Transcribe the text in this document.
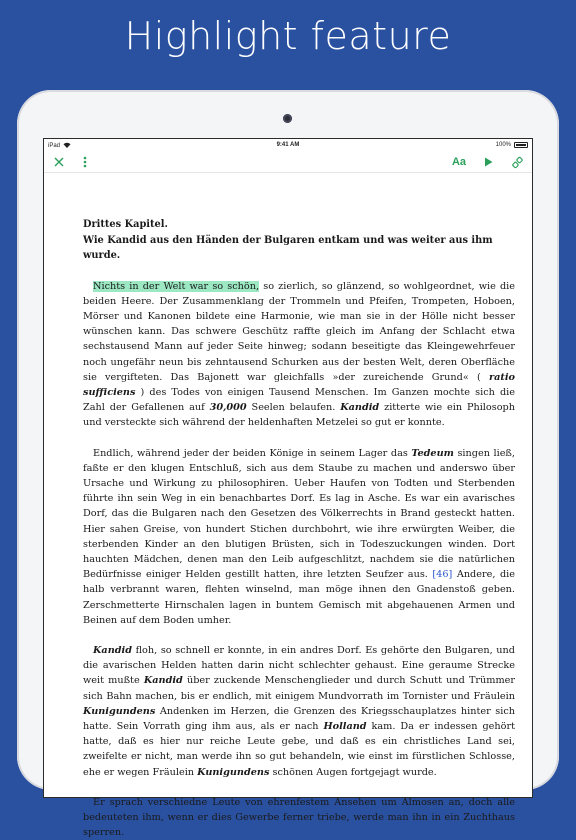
Highlight feature
iPad	9:41 AM	100%
Aa
Drittes Kapitel.
Wie Kandid aus den Händen der Bulgaren entkam und was weiter aus ihm wurde.

Nichts in der Welt war so schön, so zierlich, so glänzend, so wohlgeordnet, wie die beiden Heere. Der Zusammenklang der Trommeln und Pfeifen, Trompeten, Hoboen, Mörser und Kanonen bildete eine Harmonie, wie man sie in der Hölle nicht besser wünschen kann. Das schwere Geschütz raffte gleich im Anfang der Schlacht etwa sechstausend Mann auf jeder Seite hinweg; sodann beseitigte das Kleingewehrfeuer noch ungefähr neun bis zehntausend Schurken aus der besten Welt, deren Oberfläche sie vergifteten. Das Bajonett war gleichfalls »der zureichende Grund« ( ratio sufficiens ) des Todes von einigen Tausend Menschen. Im Ganzen mochte sich die Zahl der Gefallenen auf 30,000 Seelen belaufen. Kandid zitterte wie ein Philosoph und versteckte sich während der heldenhaften Metzelei so gut er konnte.

Endlich, während jeder der beiden Könige in seinem Lager das Tedeum singen ließ, faßte er den klugen Entschluß, sich aus dem Staube zu machen und anderswo über Ursache und Wirkung zu philosophiren. Ueber Haufen von Todten und Sterbenden führte ihn sein Weg in ein benachbartes Dorf. Es lag in Asche. Es war ein avarisches Dorf, das die Bulgaren nach den Gesetzen des Völkerrechts in Brand gesteckt hatten. Hier sahen Greise, von hundert Stichen durchbohrt, wie ihre erwürgten Weiber, die sterbenden Kinder an den blutigen Brüsten, sich in Todeszuckungen winden. Dort hauchten Mädchen, denen man den Leib aufgeschlitzt, nachdem sie die natürlichen Bedürfnisse einiger Helden gestillt hatten, ihre letzten Seufzer aus. [46] Andere, die halb verbrannt waren, flehten winselnd, man möge ihnen den Gnadenstoß geben. Zerschmetterte Hirnschalen lagen in buntem Gemisch mit abgehauenen Armen und Beinen auf dem Boden umher.

Kandid floh, so schnell er konnte, in ein andres Dorf. Es gehörte den Bulgaren, und die avarischen Helden hatten darin nicht schlechter gehaust. Eine geraume Strecke weit mußte Kandid über zuckende Menschenglieder und durch Schutt und Trümmer sich Bahn machen, bis er endlich, mit einigem Mundvorrath im Tornister und Fräulein Kunigundens Andenken im Herzen, die Grenzen des Kriegsschauplatzes hinter sich hatte. Sein Vorrath ging ihm aus, als er nach Holland kam. Da er indessen gehört hatte, daß es hier nur reiche Leute gebe, und daß es ein christliches Land sei, zweifelte er nicht, man werde ihn so gut behandeln, wie einst im fürstlichen Schlosse, ehe er wegen Fräulein Kunigundens schönen Augen fortgejagt wurde.

Er sprach verschiedne Leute von ehrenfestem Ansehen um Almosen an, doch alle bedeuteten ihm, wenn er dies Gewerbe ferner triebe, werde man ihn in ein Zuchthaus sperren.
